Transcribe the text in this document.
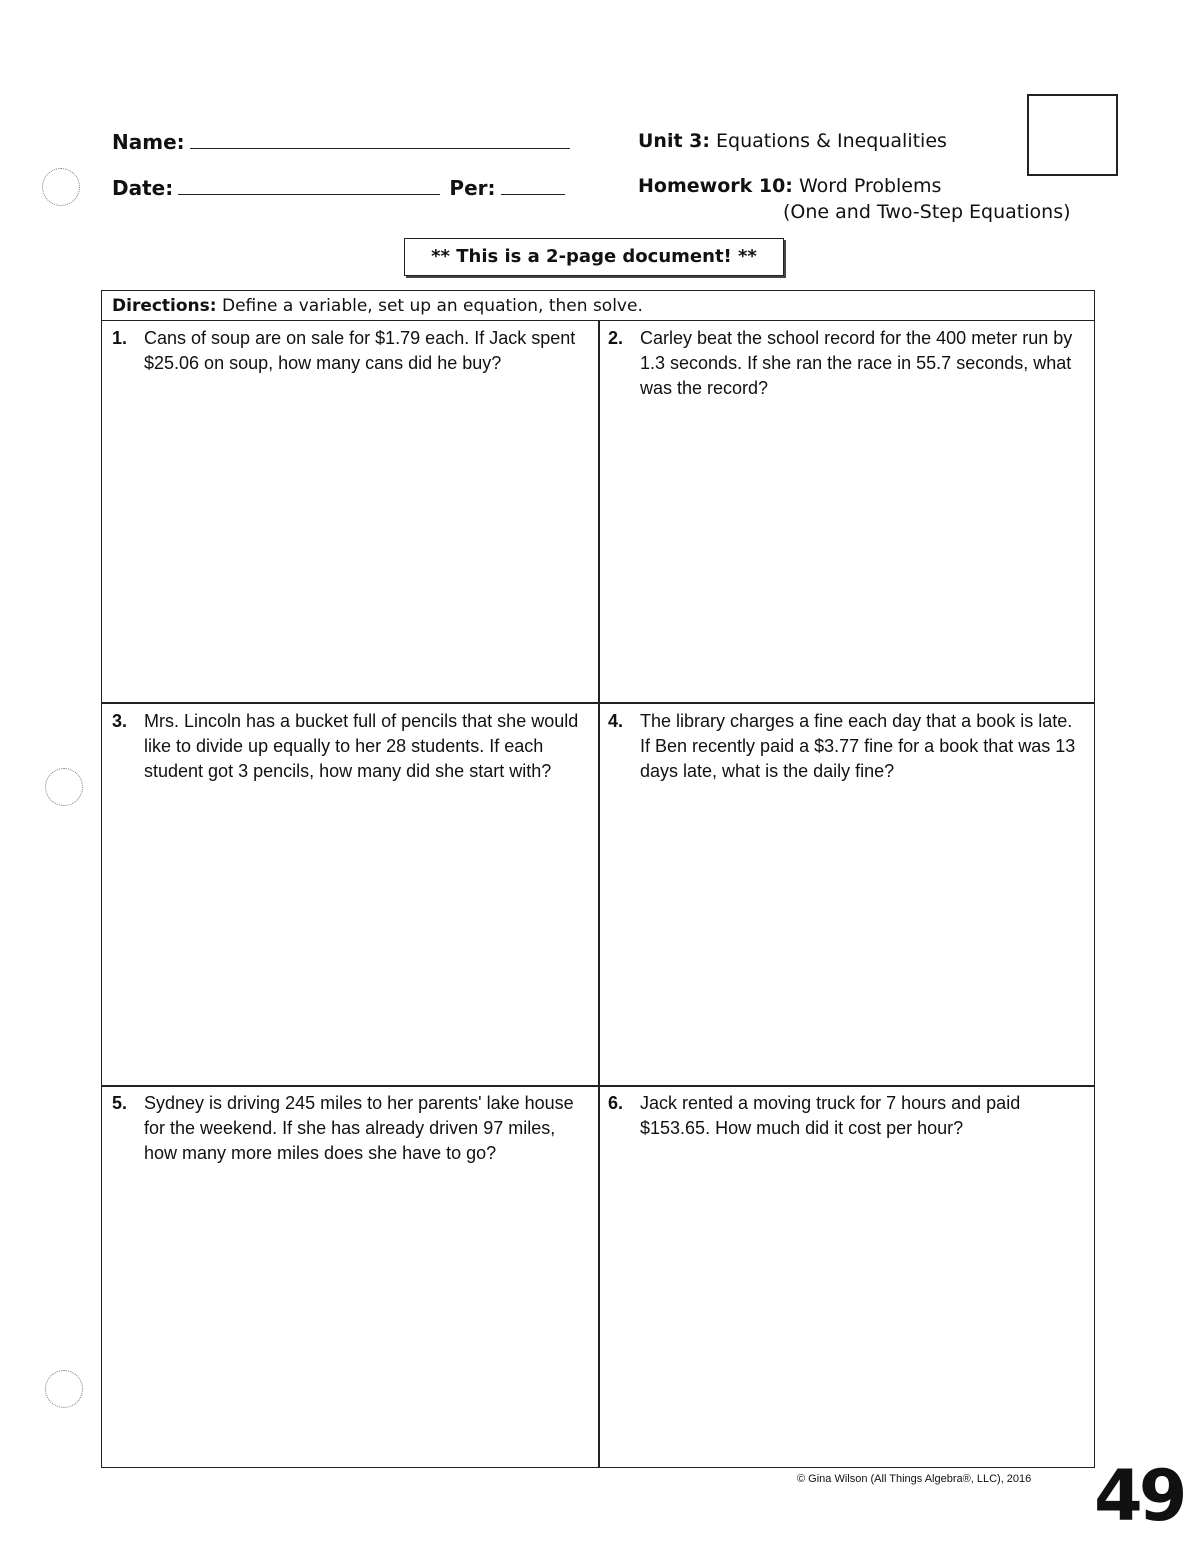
Name:
Date:	Per:
Unit 3: Equations & Inequalities
Homework 10: Word Problems
(One and Two-Step Equations)
** This is a 2-page document! **
Directions: Define a variable, set up an equation, then solve.
1. Cans of soup are on sale for $1.79 each. If Jack spent $25.06 on soup, how many cans did he buy?
2. Carley beat the school record for the 400 meter run by 1.3 seconds. If she ran the race in 55.7 seconds, what was the record?
3. Mrs. Lincoln has a bucket full of pencils that she would like to divide up equally to her 28 students. If each student got 3 pencils, how many did she start with?
4. The library charges a fine each day that a book is late. If Ben recently paid a $3.77 fine for a book that was 13 days late, what is the daily fine?
5. Sydney is driving 245 miles to her parents' lake house for the weekend. If she has already driven 97 miles, how many more miles does she have to go?
6. Jack rented a moving truck for 7 hours and paid $153.65. How much did it cost per hour?
© Gina Wilson (All Things Algebra®, LLC), 2016 49
